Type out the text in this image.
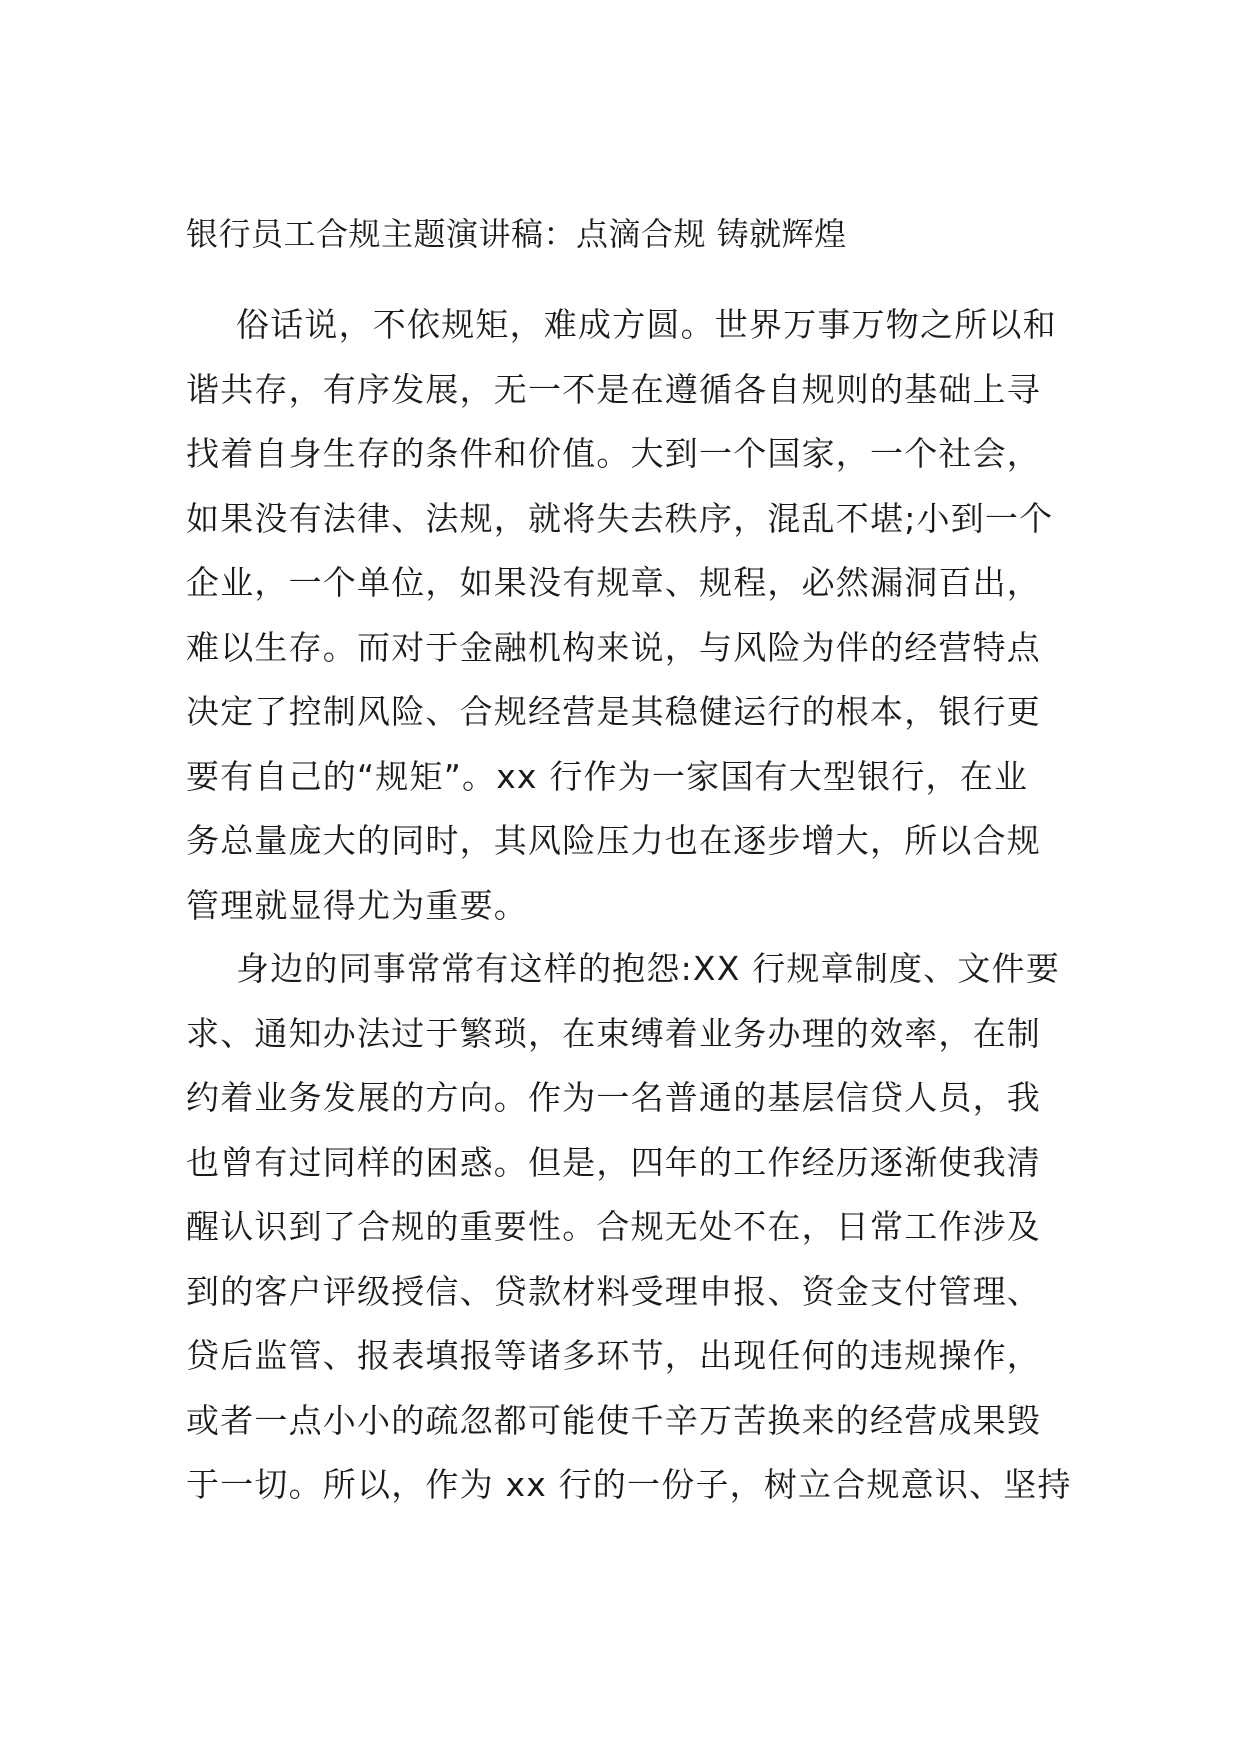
银行员工合规主题演讲稿：点滴合规 铸就辉煌
俗话说，不依规矩，难成方圆。世界万事万物之所以和
谐共存，有序发展，无一不是在遵循各自规则的基础上寻
找着自身生存的条件和价值。大到一个国家，一个社会，
如果没有法律、法规，就将失去秩序，混乱不堪;小到一个
企业，一个单位，如果没有规章、规程，必然漏洞百出，
难以生存。而对于金融机构来说，与风险为伴的经营特点
决定了控制风险、合规经营是其稳健运行的根本，银行更
要有自己的“规矩”。xx 行作为一家国有大型银行，在业
务总量庞大的同时，其风险压力也在逐步增大，所以合规
管理就显得尤为重要。
身边的同事常常有这样的抱怨:XX 行规章制度、文件要
求、通知办法过于繁琐，在束缚着业务办理的效率，在制
约着业务发展的方向。作为一名普通的基层信贷人员，我
也曾有过同样的困惑。但是，四年的工作经历逐渐使我清
醒认识到了合规的重要性。合规无处不在，日常工作涉及
到的客户评级授信、贷款材料受理申报、资金支付管理、
贷后监管、报表填报等诸多环节，出现任何的违规操作，
或者一点小小的疏忽都可能使千辛万苦换来的经营成果毁
于一切。所以，作为 xx 行的一份子，树立合规意识、坚持
